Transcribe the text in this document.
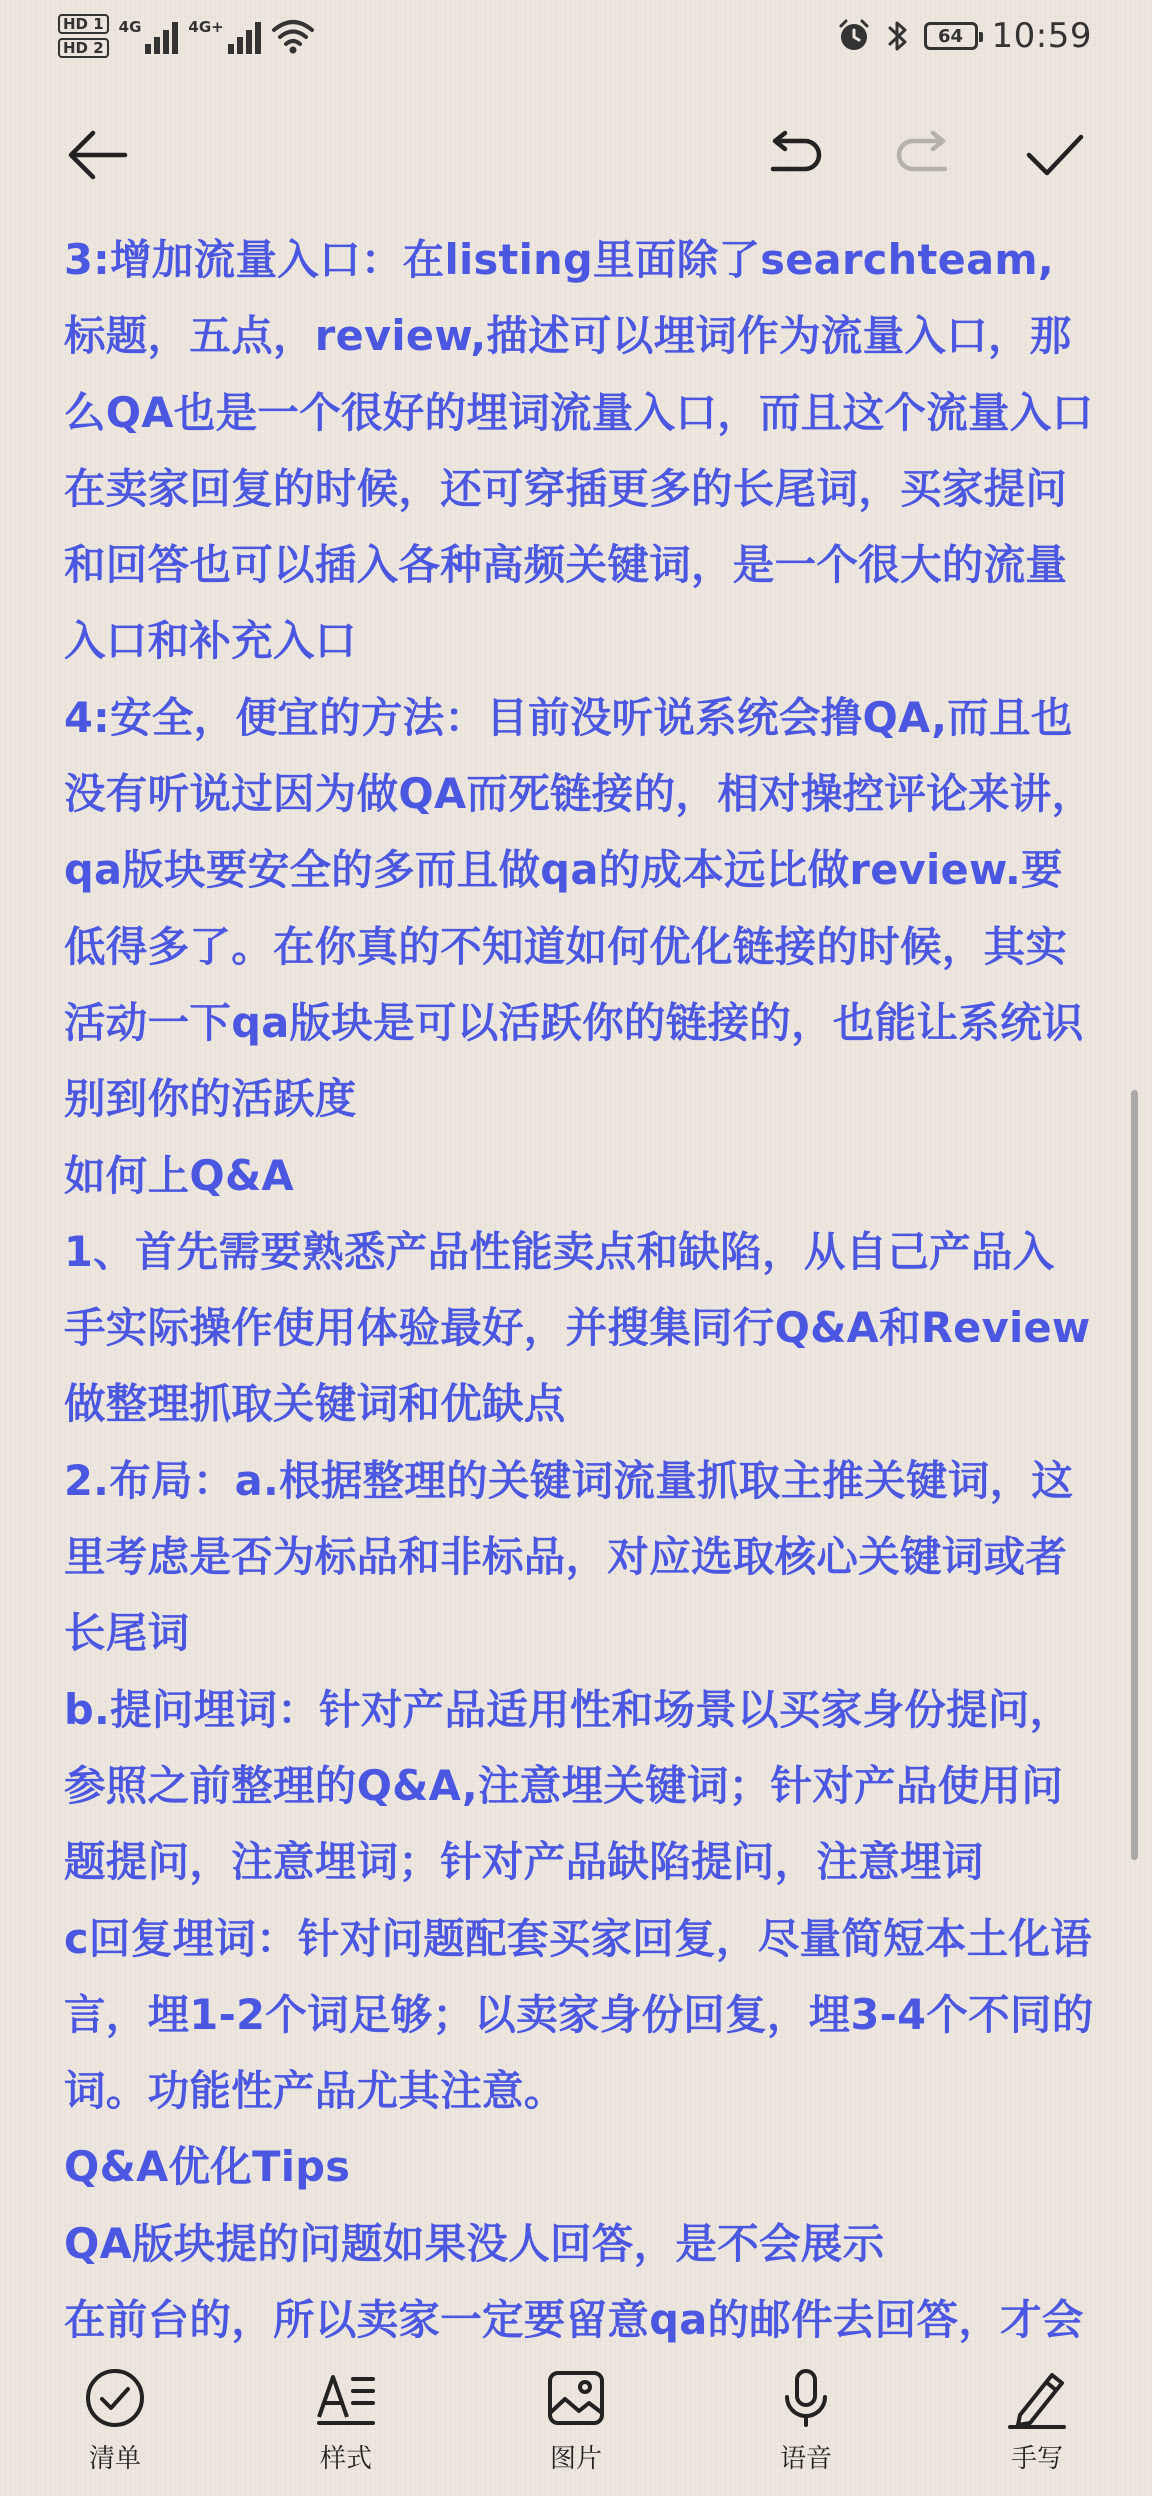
HD 1
HD 2
4G	4G+	64 10:59

3:增加流量入口：在listing里面除了searchteam,标题，五点，review,描述可以埋词作为流量入口，那么QA也是一个很好的埋词流量入口，而且这个流量入口在卖家回复的时候，还可穿插更多的长尾词，买家提问和回答也可以插入各种高频关键词，是一个很大的流量入口和补充入口

4:安全，便宜的方法：目前没听说系统会撸QA,而且也没有听说过因为做QA而死链接的，相对操控评论来讲，qa版块要安全的多而且做qa的成本远比做review.要低得多了。在你真的不知道如何优化链接的时候，其实活动一下qa版块是可以活跃你的链接的，也能让系统识别到你的活跃度

如何上Q&A

1、首先需要熟悉产品性能卖点和缺陷，从自己产品入手实际操作使用体验最好，并搜集同行Q&A和Review做整理抓取关键词和优缺点

2.布局：a.根据整理的关键词流量抓取主推关键词，这里考虑是否为标品和非标品，对应选取核心关键词或者长尾词

b.提问埋词：针对产品适用性和场景以买家身份提问，参照之前整理的Q&A,注意埋关键词；针对产品使用问题提问，注意埋词；针对产品缺陷提问，注意埋词

c回复埋词：针对问题配套买家回复，尽量简短本土化语言，埋1-2个词足够；以卖家身份回复，埋3-4个不同的词。功能性产品尤其注意。

Q&A优化Tips

QA版块提的问题如果没人回答，是不会展示

在前台的，所以卖家一定要留意qa的邮件去回答，才会

清单	样式	图片	语音	手写
